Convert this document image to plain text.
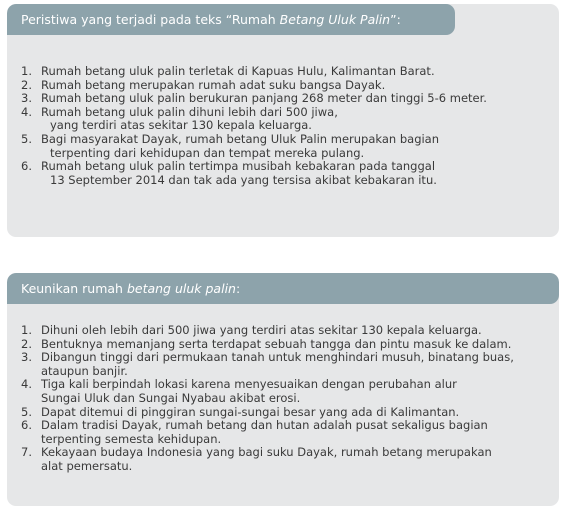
Peristiwa yang terjadi pada teks “Rumah Betang Uluk Palin”:
1. Rumah betang uluk palin terletak di Kapuas Hulu, Kalimantan Barat.
2. Rumah betang merupakan rumah adat suku bangsa Dayak.
3. Rumah betang uluk palin berukuran panjang 268 meter dan tinggi 5-6 meter.
4. Rumah betang uluk palin dihuni lebih dari 500 jiwa,
yang terdiri atas sekitar 130 kepala keluarga.
5. Bagi masyarakat Dayak, rumah betang Uluk Palin merupakan bagian
terpenting dari kehidupan dan tempat mereka pulang.
6. Rumah betang uluk palin tertimpa musibah kebakaran pada tanggal
13 September 2014 dan tak ada yang tersisa akibat kebakaran itu.
Keunikan rumah betang uluk palin:
1. Dihuni oleh lebih dari 500 jiwa yang terdiri atas sekitar 130 kepala keluarga.
2. Bentuknya memanjang serta terdapat sebuah tangga dan pintu masuk ke dalam.
3. Dibangun tinggi dari permukaan tanah untuk menghindari musuh, binatang buas,
ataupun banjir.
4. Tiga kali berpindah lokasi karena menyesuaikan dengan perubahan alur
Sungai Uluk dan Sungai Nyabau akibat erosi.
5. Dapat ditemui di pinggiran sungai-sungai besar yang ada di Kalimantan.
6. Dalam tradisi Dayak, rumah betang dan hutan adalah pusat sekaligus bagian
terpenting semesta kehidupan.
7. Kekayaan budaya Indonesia yang bagi suku Dayak, rumah betang merupakan
alat pemersatu.
